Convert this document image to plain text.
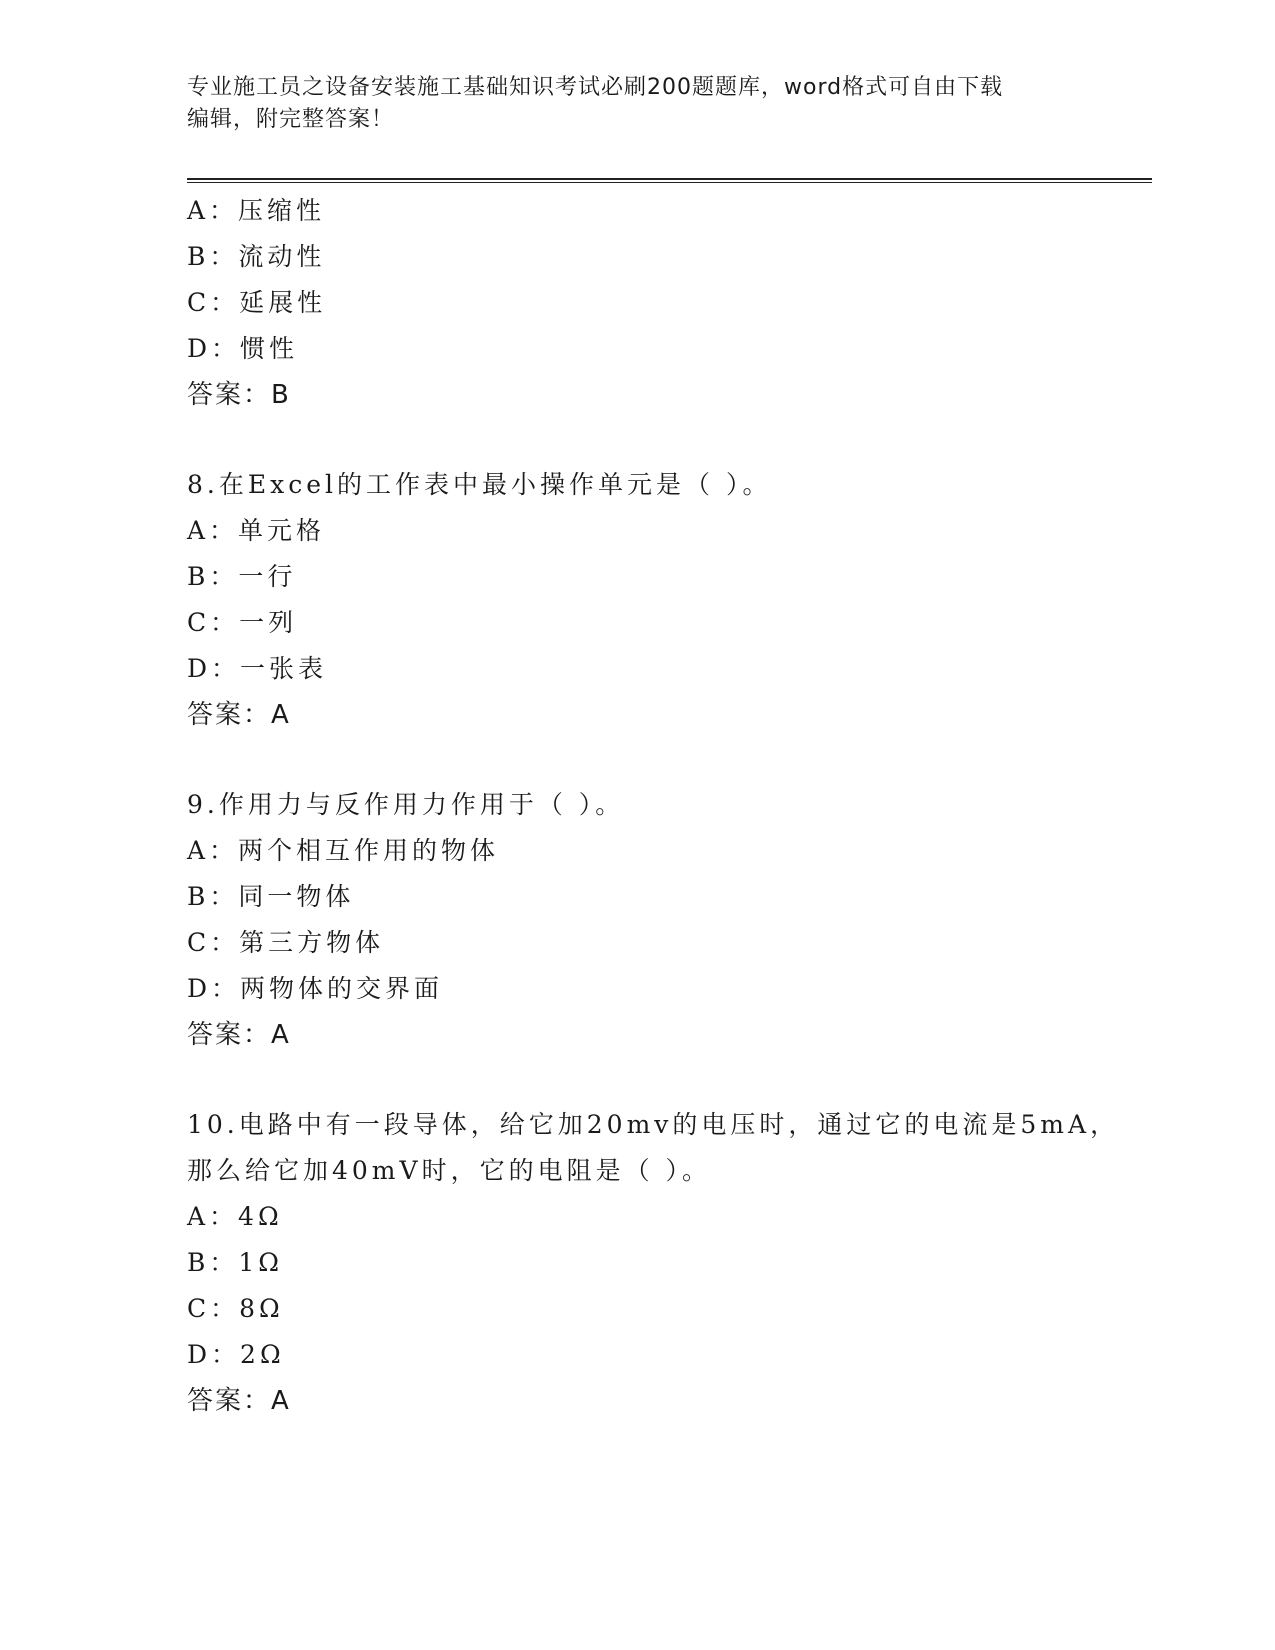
专业施工员之设备安装施工基础知识考试必刷200题题库，word格式可自由下载
编辑，附完整答案！
A：压缩性
B：流动性
C：延展性
D：惯性
答案：B
8.在Excel的工作表中最小操作单元是（ ）。
A：单元格
B：一行
C：一列
D：一张表
答案：A
9.作用力与反作用力作用于（ ）。
A：两个相互作用的物体
B：同一物体
C：第三方物体
D：两物体的交界面
答案：A
10.电路中有一段导体，给它加20mv的电压时，通过它的电流是5mA，
那么给它加40mV时，它的电阻是（ ）。
A：4Ω
B：1Ω
C：8Ω
D：2Ω
答案：A
